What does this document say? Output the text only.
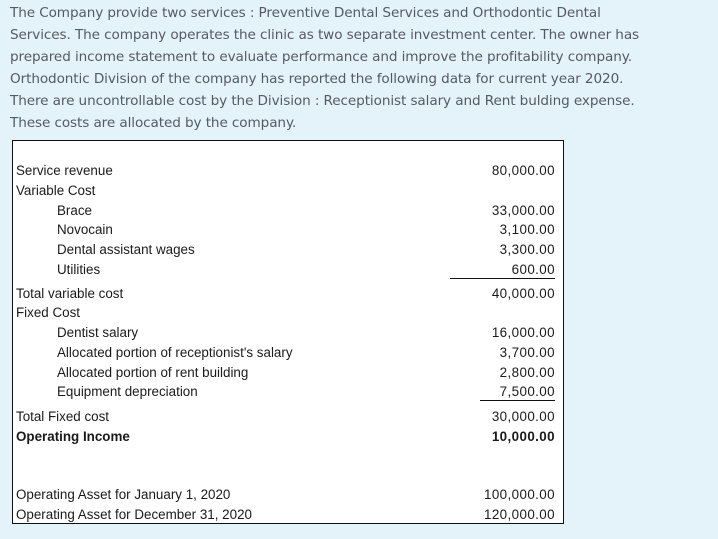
The Company provide two services : Preventive Dental Services and Orthodontic Dental
Services. The company operates the clinic as two separate investment center. The owner has
prepared income statement to evaluate performance and improve the profitability company.
Orthodontic Division of the company has reported the following data for current year 2020.
There are uncontrollable cost by the Division : Receptionist salary and Rent bulding expense.
These costs are allocated by the company.
Service revenue	80,000.00
Variable Cost
Brace	33,000.00
Novocain	3,100.00
Dental assistant wages	3,300.00
Utilities	600.00
Total variable cost	40,000.00
Fixed Cost
Dentist salary	16,000.00
Allocated portion of receptionist's salary	3,700.00
Allocated portion of rent building	2,800.00
Equipment depreciation	7,500.00
Total Fixed cost	30,000.00
Operating Income	10,000.00
Operating Asset for January 1, 2020	100,000.00
Operating Asset for December 31, 2020	120,000.00
